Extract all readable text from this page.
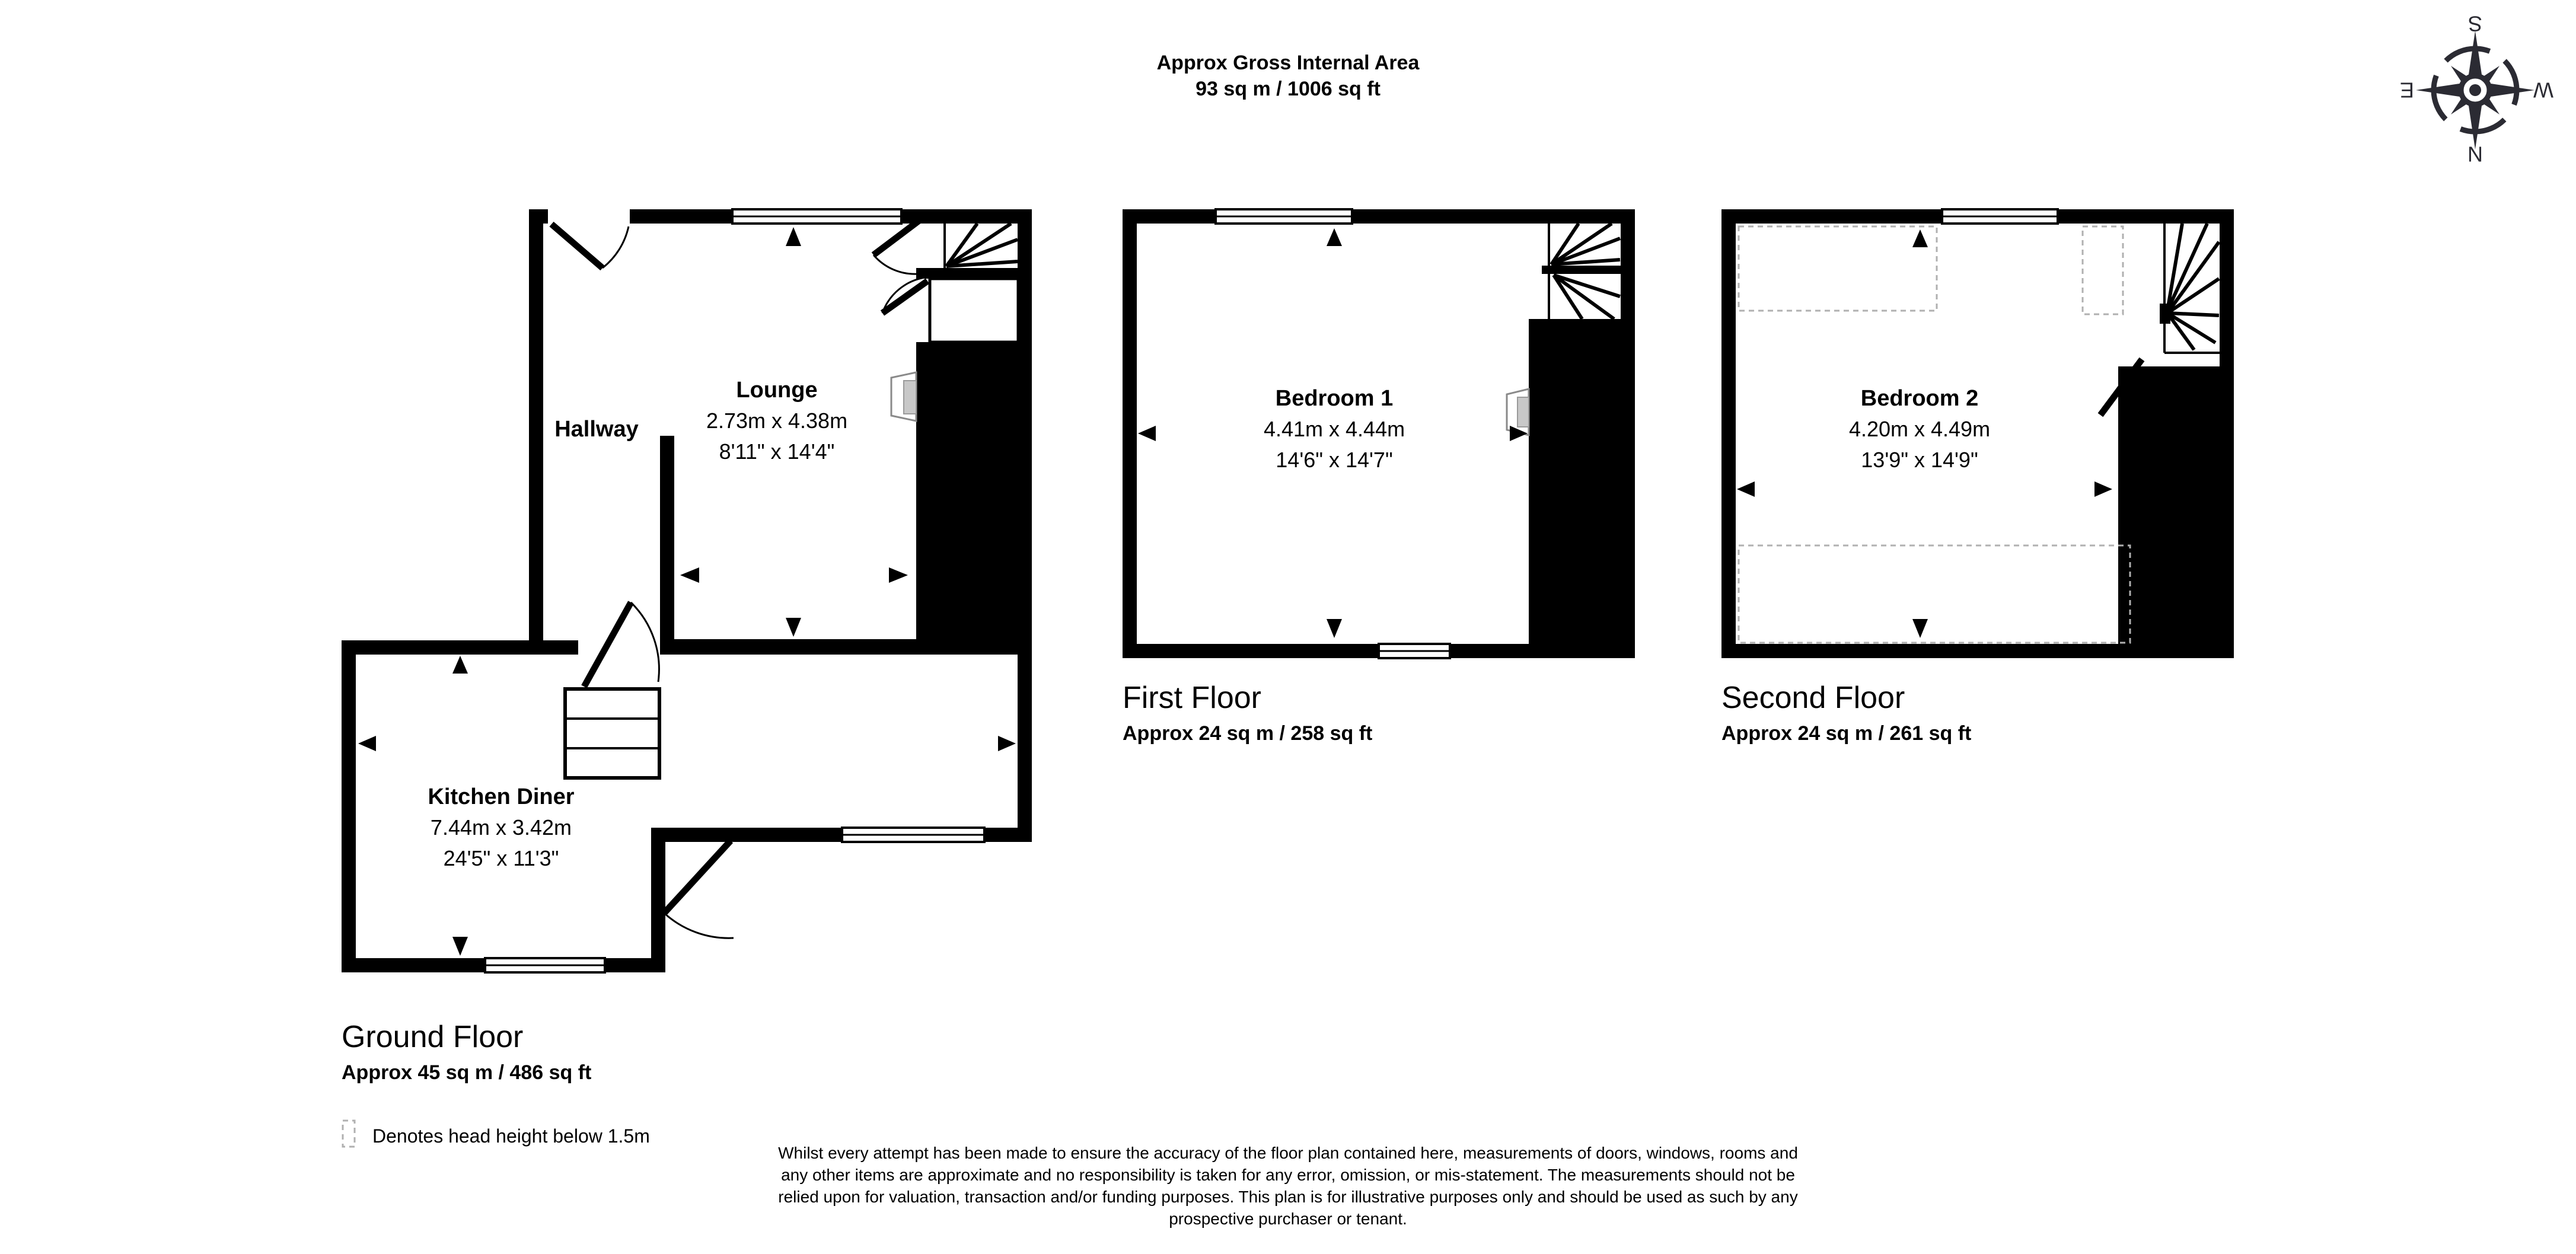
N
S
E	W
Approx Gross Internal Area
93 sq m / 1006 sq ft
Hallway
Lounge
2.73m x 4.38m
8'11" x 14'4"
Kitchen Diner
7.44m x 3.42m
24'5" x 11'3"
Bedroom 1
4.41m x 4.44m
14'6" x 14'7"
Bedroom 2
4.20m x 4.49m
13'9" x 14'9"
Ground Floor
Approx 45 sq m / 486 sq ft
First Floor
Approx 24 sq m / 258 sq ft
Second Floor
Approx 24 sq m / 261 sq ft
Denotes head height below 1.5m
Whilst every attempt has been made to ensure the accuracy of the floor plan contained here, measurements of doors, windows, rooms and
any other items are approximate and no responsibility is taken for any error, omission, or mis-statement. The measurements should not be
relied upon for valuation, transaction and/or funding purposes. This plan is for illustrative purposes only and should be used as such by any
prospective purchaser or tenant.
